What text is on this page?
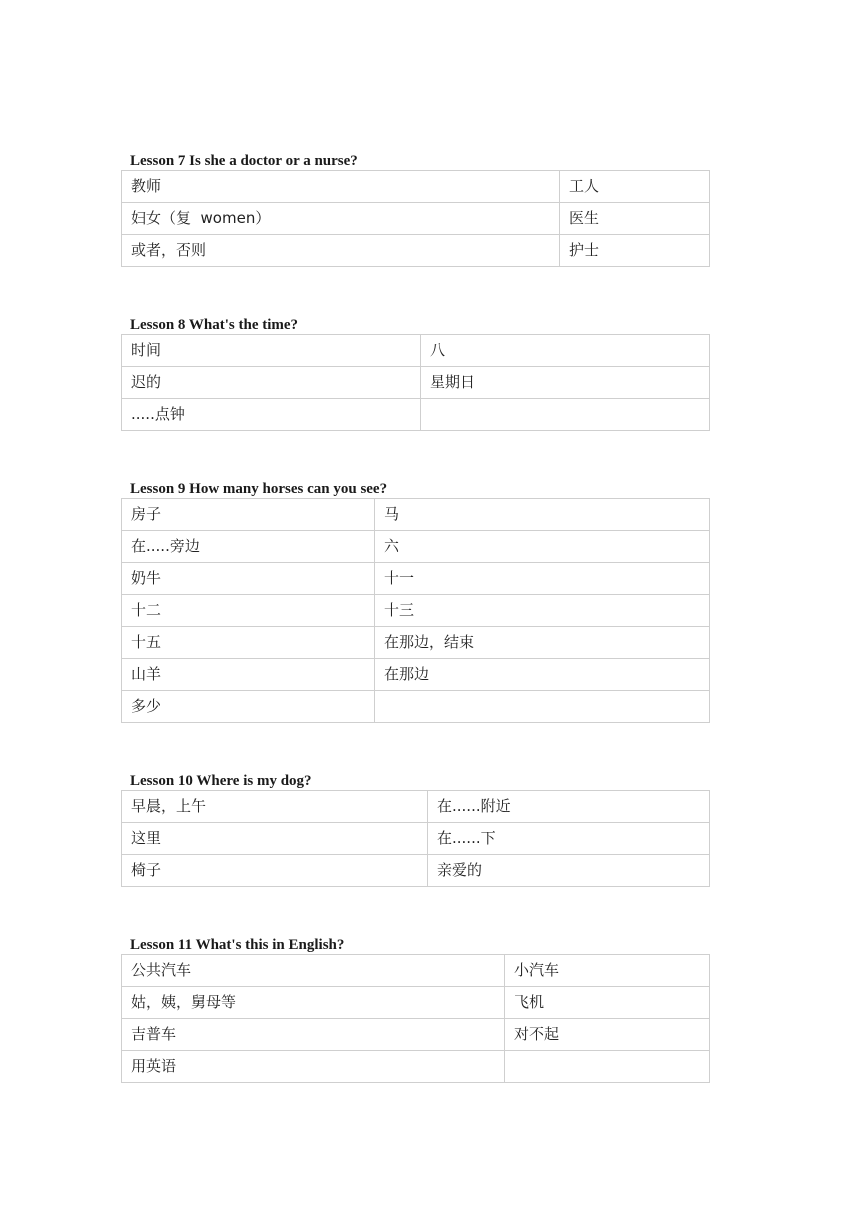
Lesson 7 Is she a doctor or a nurse?
教师	工人
妇女（复  women）	医生
或者，否则	护士
Lesson 8 What's the time?
时间	八
迟的	星期日
.....点钟	
Lesson 9 How many horses can you see?
房子	马
在.....旁边	六
奶牛	十一
十二	十三
十五	在那边，结束
山羊	在那边
多少	
Lesson 10 Where is my dog?
早晨，上午	在......附近
这里	在......下
椅子	亲爱的
Lesson 11 What's this in English?
公共汽车	小汽车
姑，姨，舅母等	飞机
吉普车	对不起
用英语	
